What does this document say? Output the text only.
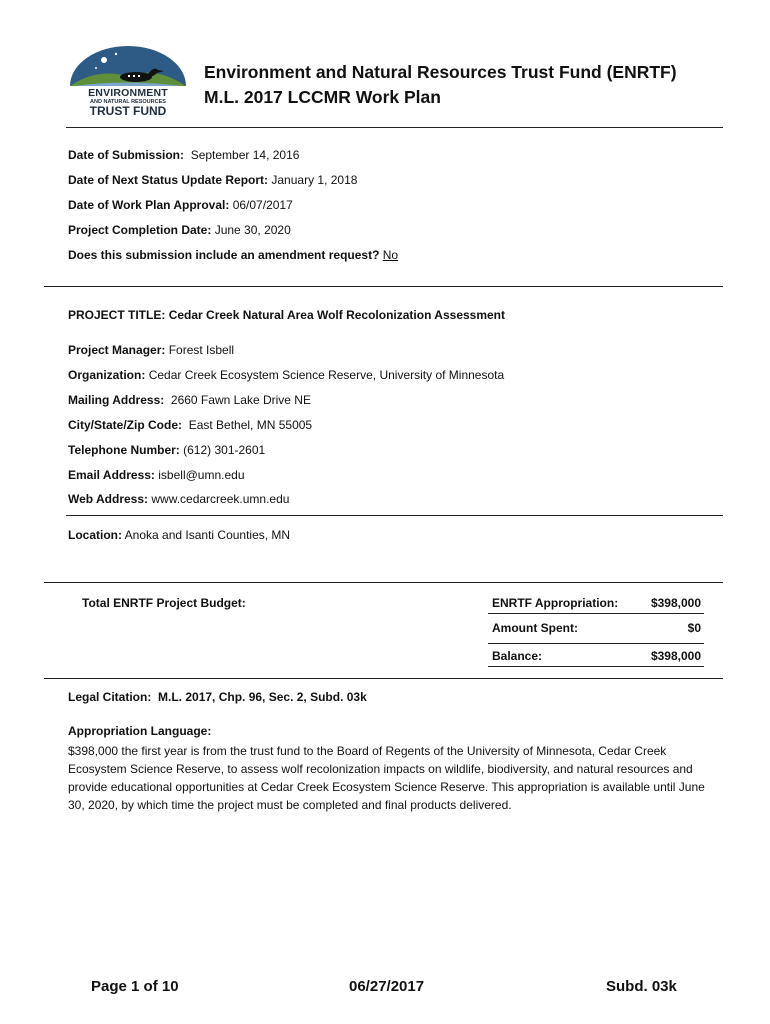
ENVIRONMENT
AND NATURAL RESOURCES
TRUST FUND
Environment and Natural Resources Trust Fund (ENRTF)
M.L. 2017 LCCMR Work Plan
Date of Submission: September 14, 2016
Date of Next Status Update Report: January 1, 2018
Date of Work Plan Approval: 06/07/2017
Project Completion Date: June 30, 2020
Does this submission include an amendment request? No
PROJECT TITLE: Cedar Creek Natural Area Wolf Recolonization Assessment
Project Manager: Forest Isbell
Organization: Cedar Creek Ecosystem Science Reserve, University of Minnesota
Mailing Address: 2660 Fawn Lake Drive NE
City/State/Zip Code: East Bethel, MN 55005
Telephone Number: (612) 301-2601
Email Address: isbell@umn.edu
Web Address: www.cedarcreek.umn.edu
Location: Anoka and Isanti Counties, MN
Total ENRTF Project Budget:	ENRTF Appropriation:	$398,000
Amount Spent:	$0
Balance:	$398,000
Legal Citation: M.L. 2017, Chp. 96, Sec. 2, Subd. 03k
Appropriation Language:
$398,000 the first year is from the trust fund to the Board of Regents of the University of Minnesota, Cedar Creek Ecosystem Science Reserve, to assess wolf recolonization impacts on wildlife, biodiversity, and natural resources and provide educational opportunities at Cedar Creek Ecosystem Science Reserve. This appropriation is available until June 30, 2020, by which time the project must be completed and final products delivered.
Page 1 of 10	06/27/2017	Subd. 03k
